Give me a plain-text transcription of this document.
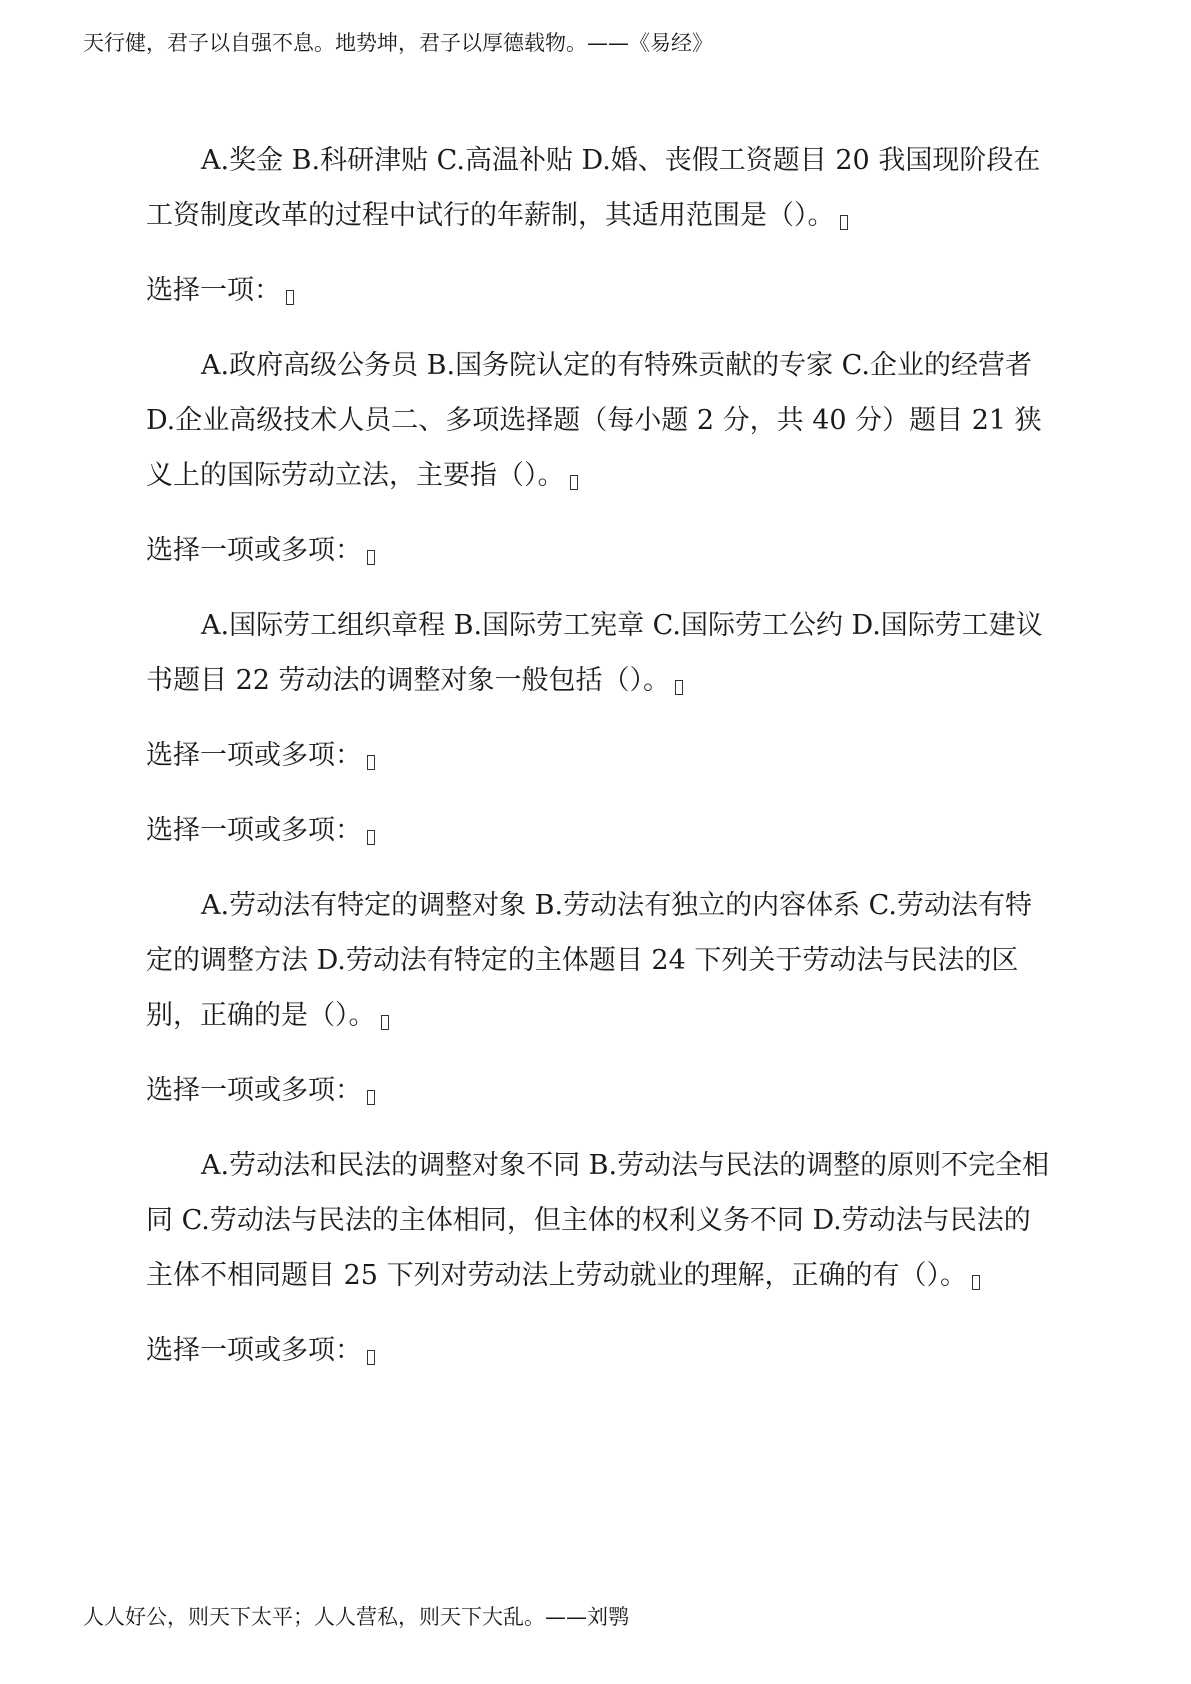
天行健，君子以自强不息。地势坤，君子以厚德载物。——《易经》

A.奖金 B.科研津贴 C.高温补贴 D.婚、丧假工资题目 20 我国现阶段在工资制度改革的过程中试行的年薪制，其适用范围是（）。

选择一项：

A.政府高级公务员 B.国务院认定的有特殊贡献的专家 C.企业的经营者 D.企业高级技术人员二、多项选择题（每小题 2 分，共 40 分）题目 21 狭义上的国际劳动立法，主要指（）。

选择一项或多项：

A.国际劳工组织章程 B.国际劳工宪章 C.国际劳工公约 D.国际劳工建议书题目 22 劳动法的调整对象一般包括（）。

选择一项或多项：

选择一项或多项：

A.劳动法有特定的调整对象 B.劳动法有独立的内容体系 C.劳动法有特定的调整方法 D.劳动法有特定的主体题目 24 下列关于劳动法与民法的区别，正确的是（）。

选择一项或多项：

A.劳动法和民法的调整对象不同 B.劳动法与民法的调整的原则不完全相同 C.劳动法与民法的主体相同，但主体的权利义务不同 D.劳动法与民法的主体不相同题目 25 下列对劳动法上劳动就业的理解，正确的有（）。

选择一项或多项：

人人好公，则天下太平；人人营私，则天下大乱。——刘鹗
